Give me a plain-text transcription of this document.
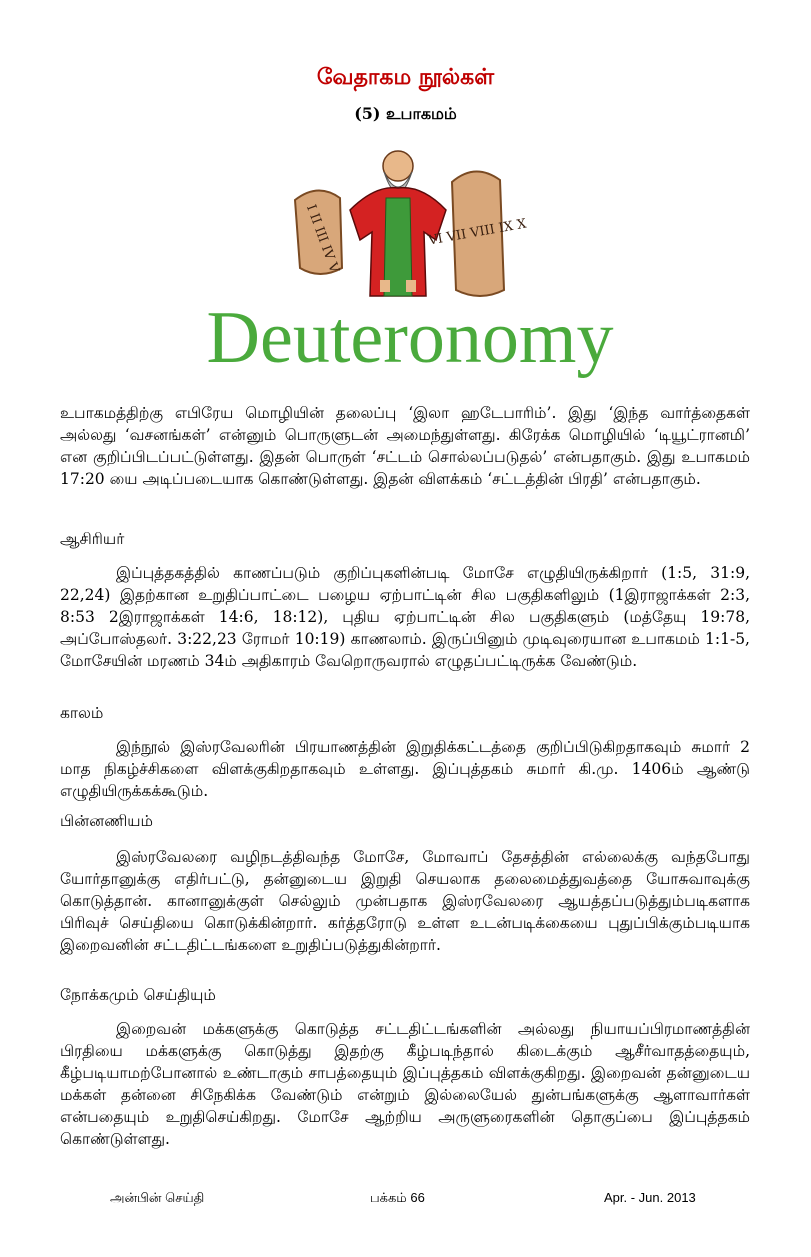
வேதாகம நூல்கள்
(5) உபாகமம்
I II III IV V	VI VII VIII IX X
Deuteronomy

உபாகமத்திற்கு எபிரேய மொழியின் தலைப்பு ‘இலா ஹடேபாரிம்’. இது ‘இந்த வார்த்தைகள் அல்லது ‘வசனங்கள்’ என்னும் பொருளுடன் அமைந்துள்ளது. கிரேக்க மொழியில் ‘டியூட்ரானமி’ என குறிப்பிடப்பட்டுள்ளது. இதன் பொருள் ‘சட்டம் சொல்லப்படுதல்’ என்பதாகும். இது உபாகமம் 17:20 யை அடிப்படையாக கொண்டுள்ளது. இதன் விளக்கம் ‘சட்டத்தின் பிரதி’ என்பதாகும்.

ஆசிரியர்

இப்புத்தகத்தில் காணப்படும் குறிப்புகளின்படி மோசே எழுதியிருக்கிறார் (1:5, 31:9, 22,24) இதற்கான உறுதிப்பாட்டை பழைய ஏற்பாட்டின் சில பகுதிகளிலும் (1இராஜாக்கள் 2:3, 8:53 2இராஜாக்கள் 14:6, 18:12), புதிய ஏற்பாட்டின் சில பகுதிகளும் (மத்தேயு 19:78, அப்போஸ்தலர். 3:22,23 ரோமர் 10:19) காணலாம். இருப்பினும் முடிவுரையான உபாகமம் 1:1-5, மோசேயின் மரணம் 34ம் அதிகாரம் வேறொருவரால் எழுதப்பட்டிருக்க வேண்டும்.

காலம்

இந்நூல் இஸ்ரவேலரின் பிரயாணத்தின் இறுதிக்கட்டத்தை குறிப்பிடுகிறதாகவும் சுமார் 2 மாத நிகழ்ச்சிகளை விளக்குகிறதாகவும் உள்ளது. இப்புத்தகம் சுமார் கி.மு. 1406ம் ஆண்டு எழுதியிருக்கக்கூடும்.

பின்னணியம்

இஸ்ரவேலரை வழிநடத்திவந்த மோசே, மோவாப் தேசத்தின் எல்லைக்கு வந்தபோது யோர்தானுக்கு எதிர்பட்டு, தன்னுடைய இறுதி செயலாக தலைமைத்துவத்தை யோசுவாவுக்கு கொடுத்தான். கானானுக்குள் செல்லும் முன்பதாக இஸ்ரவேலரை ஆயத்தப்படுத்தும்படிகளாக பிரிவுச் செய்தியை கொடுக்கின்றார். கர்த்தரோடு உள்ள உடன்படிக்கையை புதுப்பிக்கும்படியாக இறைவனின் சட்டதிட்டங்களை உறுதிப்படுத்துகின்றார்.

நோக்கமும் செய்தியும்

இறைவன் மக்களுக்கு கொடுத்த சட்டதிட்டங்களின் அல்லது நியாயப்பிரமாணத்தின் பிரதியை மக்களுக்கு கொடுத்து இதற்கு கீழ்படிந்தால் கிடைக்கும் ஆசீர்வாதத்தையும், கீழ்படியாமற்போனால் உண்டாகும் சாபத்தையும் இப்புத்தகம் விளக்குகிறது. இறைவன் தன்னுடைய மக்கள் தன்னை சிநேகிக்க வேண்டும் என்றும் இல்லையேல் துன்பங்களுக்கு ஆளாவார்கள் என்பதையும் உறுதிசெய்கிறது. மோசே ஆற்றிய அருளுரைகளின் தொகுப்பை இப்புத்தகம் கொண்டுள்ளது.

அன்பின் செய்தி	பக்கம் 66	Apr. - Jun. 2013
